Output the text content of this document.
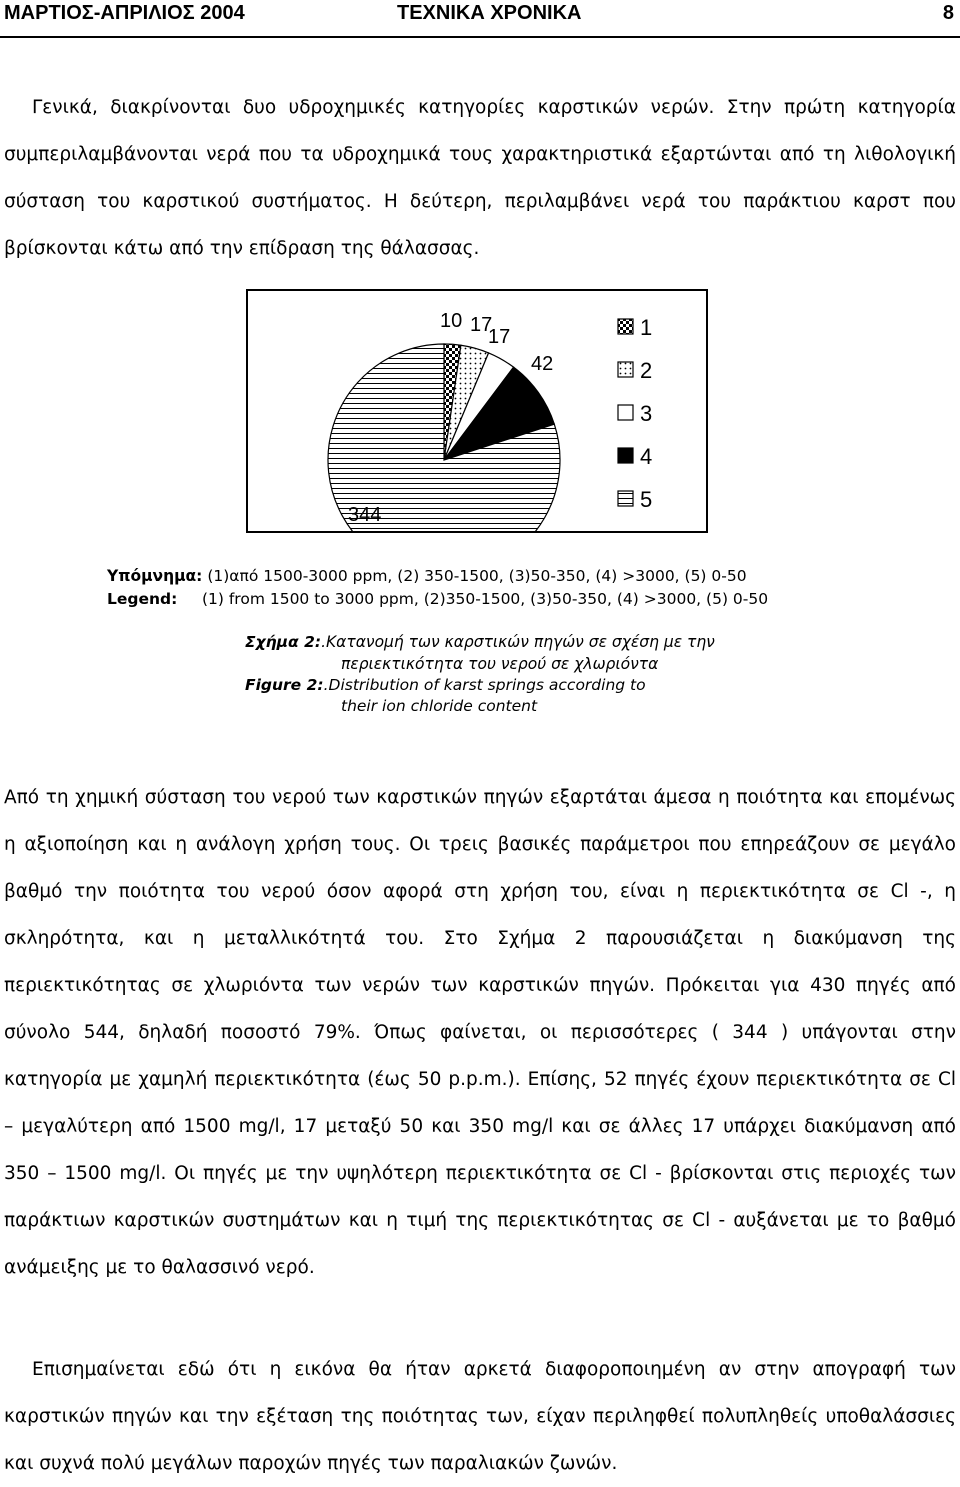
ΜΑΡΤΙΟΣ-ΑΠΡΙΛΙΟΣ 2004	ΤΕΧΝΙΚΑ ΧΡΟΝΙΚΑ	8

Γενικά, διακρίνονται δυο υδροχημικές κατηγορίες καρστικών νερών. Στην πρώτη κατηγορία συμπεριλαμβάνονται νερά που τα υδροχημικά τους χαρακτηριστικά εξαρτώνται από τη λιθολογική σύσταση του καρστικού συστήματος. Η δεύτερη, περιλαμβάνει νερά του παράκτιου καρστ που βρίσκονται κάτω από την επίδραση της θάλασσας.

10 17
17
42
344
1
2
3
4
5
Υπόμνημα: (1)από 1500-3000 ppm, (2) 350-1500, (3)50-350, (4) >3000, (5) 0-50
Legend: (1) from 1500 to 3000 ppm, (2)350-1500, (3)50-350, (4) >3000, (5) 0-50
Σχήμα 2:.Κατανομή των καρστικών πηγών σε σχέση με την
περιεκτικότητα του νερού σε χλωριόντα
Figure 2:.Distribution of karst springs according to
their ion chloride content

Από τη χημική σύσταση του νερού των καρστικών πηγών εξαρτάται άμεσα η ποιότητα και επομένως η αξιοποίηση και η ανάλογη χρήση τους. Οι τρεις βασικές παράμετροι που επηρεάζουν σε μεγάλο βαθμό την ποιότητα του νερού όσον αφορά στη χρήση του, είναι η περιεκτικότητα σε Cl -, η σκληρότητα, και η μεταλλικότητά του. Στο Σχήμα 2 παρουσιάζεται η διακύμανση της περιεκτικότητας σε χλωριόντα των νερών των καρστικών πηγών. Πρόκειται για 430 πηγές από σύνολο 544, δηλαδή ποσοστό 79%. Όπως φαίνεται, οι περισσότερες ( 344 ) υπάγονται στην κατηγορία με χαμηλή περιεκτικότητα (έως 50 p.p.m.). Επίσης, 52 πηγές έχουν περιεκτικότητα σε Cl – μεγαλύτερη από 1500 mg/l, 17 μεταξύ 50 και 350 mg/l και σε άλλες 17 υπάρχει διακύμανση από 350 – 1500 mg/l. Οι πηγές με την υψηλότερη περιεκτικότητα σε Cl - βρίσκονται στις περιοχές των παράκτιων καρστικών συστημάτων και η τιμή της περιεκτικότητας σε Cl - αυξάνεται με το βαθμό ανάμειξης με το θαλασσινό νερό.

Επισημαίνεται εδώ ότι η εικόνα θα ήταν αρκετά διαφοροποιημένη αν στην απογραφή των καρστικών πηγών και την εξέταση της ποιότητας των, είχαν περιληφθεί πολυπληθείς υποθαλάσσιες και συχνά πολύ μεγάλων παροχών πηγές των παραλιακών ζωνών.
